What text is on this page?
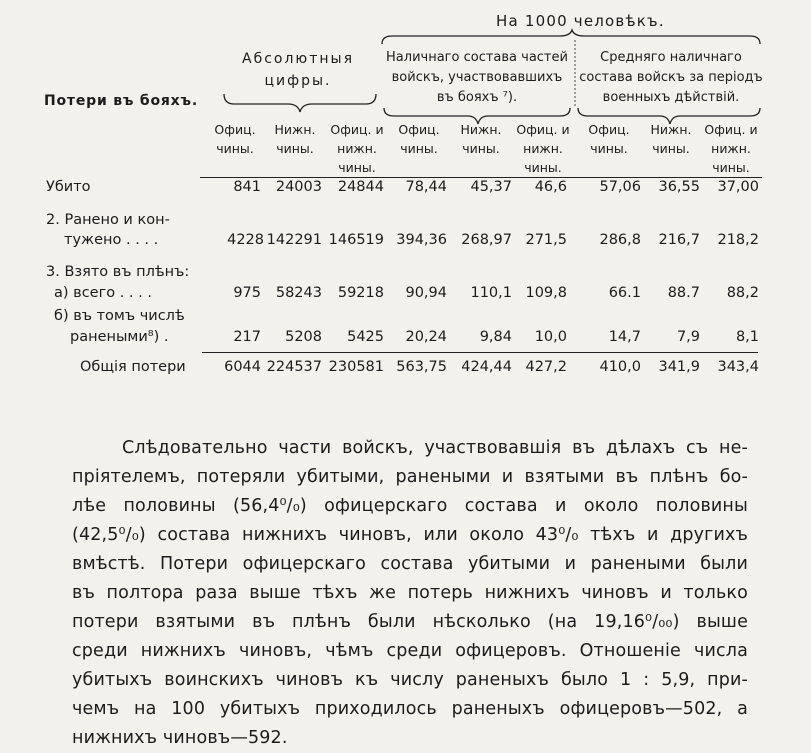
На 1000 человѣкъ.
Абсолютныя цифры.
Наличнаго состава частей войскъ, участвовавшихъ въ бояхъ ⁷).
Средняго наличнаго состава войскъ за періодъ военныхъ дѣйствій.
Потери въ бояхъ.
Офиц. чины.
Нижн. чины.
Офиц. и нижн. чины.
Офиц. чины.
Нижн. чины.
Офиц. и нижн. чины.
Офиц. чины.
Нижн. чины.
Офиц. и нижн. чины.
Убито	841 24003 24844 78,44 45,37 46,6 57,06 36,55 37,00
2. Ранено и кон-
тужено . . . .	4228 142291 146519 394,36 268,97 271,5 286,8 216,7 218,2
3. Взято въ плѣнъ:
а) всего . . . .	975 58243 59218 90,94 110,1 109,8	66.1 88.7 88,2
б) въ томъ числѣ
ранеными⁸) .	217 5208 5425 20,24 9,84 10,0	14,7 7,9 8,1
Общія потери	6044 224537 230581 563,75 424,44 427,2 410,0 341,9 343,4
Слѣдовательно части войскъ, участвовавшія въ дѣлахъ съ не-
пріятелемъ, потеряли убитыми, ранеными и взятыми въ плѣнъ бо-
лѣе половины (56,4⁰/₀) офицерскаго состава и около половины
(42,5⁰/₀) состава нижнихъ чиновъ, или около 43⁰/₀ тѣхъ и другихъ
вмѣстѣ. Потери офицерскаго состава убитыми и ранеными были
въ полтора раза выше тѣхъ же потерь нижнихъ чиновъ и только
потери взятыми въ плѣнъ были нѣсколько (на 19,16⁰/₀₀) выше
среди нижнихъ чиновъ, чѣмъ среди офицеровъ. Отношеніе числа
убитыхъ воинскихъ чиновъ къ числу раненыхъ было 1 : 5,9, при-
чемъ на 100 убитыхъ приходилось раненыхъ офицеровъ—502, а
нижнихъ чиновъ—592.
